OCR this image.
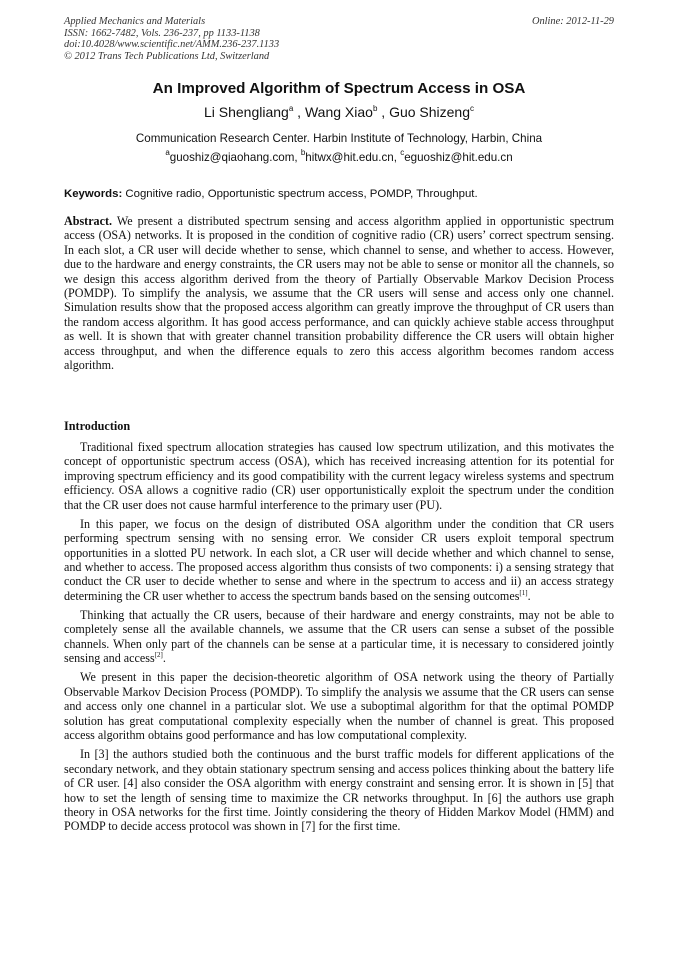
Applied Mechanics and Materials
ISSN: 1662-7482, Vols. 236-237, pp 1133-1138
doi:10.4028/www.scientific.net/AMM.236-237.1133
© 2012 Trans Tech Publications Ltd, Switzerland
Online: 2012-11-29
An Improved Algorithm of Spectrum Access in OSA
Li Shengliang$^a$ , Wang Xiao$^b$ , Guo Shizeng$^c$
Communication Research Center. Harbin Institute of Technology, Harbin, China
$^a$guoshiz@qiaohang.com, $^b$hitwx@hit.edu.cn, $^c$eguoshiz@hit.edu.cn
Keywords: Cognitive radio, Opportunistic spectrum access, POMDP, Throughput.
Abstract. We present a distributed spectrum sensing and access algorithm applied in opportunistic spectrum access (OSA) networks. It is proposed in the condition of cognitive radio (CR) users’ correct spectrum sensing. In each slot, a CR user will decide whether to sense, which channel to sense, and whether to access. However, due to the hardware and energy constraints, the CR users may not be able to sense or monitor all the channels, so we design this access algorithm derived from the theory of Partially Observable Markov Decision Process (POMDP). To simplify the analysis, we assume that the CR users will sense and access only one channel. Simulation results show that the proposed access algorithm can greatly improve the throughput of CR users than the random access algorithm. It has good access performance, and can quickly achieve stable access throughput as well. It is shown that with greater channel transition probability difference the CR users will obtain higher access throughput, and when the difference equals to zero this access algorithm becomes random access algorithm.
Introduction

Traditional fixed spectrum allocation strategies has caused low spectrum utilization, and this motivates the concept of opportunistic spectrum access (OSA), which has received increasing attention for its potential for improving spectrum efficiency and its good compatibility with the current legacy wireless systems and spectrum efficiency. OSA allows a cognitive radio (CR) user opportunistically exploit the spectrum under the condition that the CR user does not cause harmful interference to the primary user (PU).

In this paper, we focus on the design of distributed OSA algorithm under the condition that CR users performing spectrum sensing with no sensing error. We consider CR users exploit temporal spectrum opportunities in a slotted PU network. In each slot, a CR user will decide whether and which channel to sense, and whether to access. The proposed access algorithm thus consists of two components: i) a sensing strategy that conduct the CR user to decide whether to sense and where in the spectrum to access and ii) an access strategy determining the CR user whether to access the spectrum bands based on the sensing outcomes[1].

Thinking that actually the CR users, because of their hardware and energy constraints, may not be able to completely sense all the available channels, we assume that the CR users can sense a subset of the possible channels. When only part of the channels can be sense at a particular time, it is necessary to considered jointly sensing and access[2].

We present in this paper the decision-theoretic algorithm of OSA network using the theory of Partially Observable Markov Decision Process (POMDP). To simplify the analysis we assume that the CR users can sense and access only one channel in a particular slot. We use a suboptimal algorithm for that the optimal POMDP solution has great computational complexity especially when the number of channel is great. This proposed access algorithm obtains good performance and has low computational complexity.

In [3] the authors studied both the continuous and the burst traffic models for different applications of the secondary network, and they obtain stationary spectrum sensing and access polices thinking about the battery life of CR user. [4] also consider the OSA algorithm with energy constraint and sensing error. It is shown in [5] that how to set the length of sensing time to maximize the CR networks throughput. In [6] the authors use graph theory in OSA networks for the first time. Jointly considering the theory of Hidden Markov Model (HMM) and POMDP to decide access protocol was shown in [7] for the first time.
